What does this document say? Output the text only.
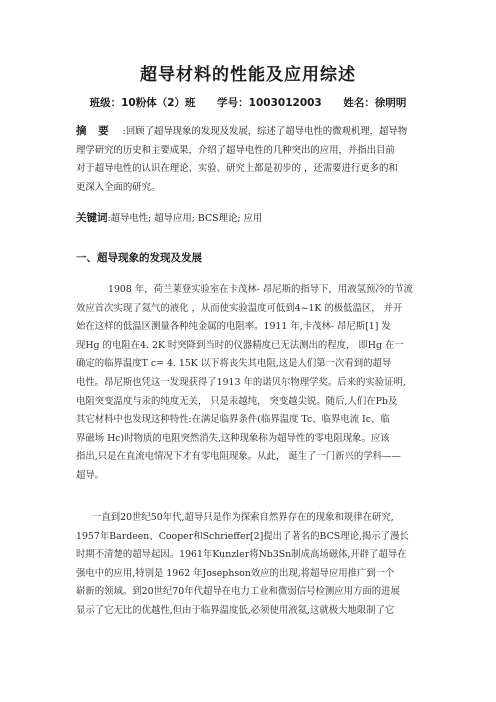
超导材料的性能及应用综述
班级：10粉体（2）班 学号：1003012003 姓名：徐明明

摘 要 :回顾了超导现象的发现及发展，综述了超导电性的微观机理，超导物

理学研究的历史和主要成果，介绍了超导电性的几种突出的应用，并指出目前

对于超导电性的认识在理论、实验、研究上都是初步的 ，还需要进行更多的和

更深入全面的研究。

关键词:超导电性; 超导应用; BCS理论; 应用
一、超导现象的发现及发展

1908 年，荷兰莱登实验室在卡茂林- 昂尼斯的指导下，用液氢预冷的节流

效应首次实现了氦气的液化 ，从而使实验温度可低到4~1K 的极低温区， 并开

始在这样的低温区测量各种纯金属的电阻率。1911 年,卡茂林- 昂尼斯[1] 发

现Hg 的电阻在4. 2K 时突降到当时的仪器精度已无法测出的程度， 即Hg 在一

确定的临界温度T c= 4. 15K 以下将丧失其电阻,这是人们第一次看到的超导

电性。昂尼斯也凭这一发现获得了1913 年的诺贝尔物理学奖。后来的实验证明,

电阻突变温度与汞的纯度无关， 只是汞越纯， 突变越尖锐。随后,人们在Pb及

其它材料中也发现这种特性:在满足临界条件(临界温度 Tc、临界电流 Ic、临

界磁场 Hc)时物质的电阻突然消失,这种现象称为超导性的零电阻现象。应该

指出,只是在直流电情况下才有零电阻现象。从此， 诞生了一门新兴的学科——

超导。

一直到20世纪50年代,超导只是作为探索自然界存在的现象和规律在研究,

1957年Bardeen、Cooper和Schrieffer[2]提出了著名的BCS理论,揭示了漫长

时期不清楚的超导起因。1961年Kunzler将Nb3Sn制成高场磁体,开辟了超导在

强电中的应用,特别是 1962 年Josephson效应的出现,将超导应用推广到一个

崭新的领域。到20世纪70年代超导在电力工业和微弱信号检测应用方面的进展

显示了它无比的优越性,但由于临界温度低,必须使用液氦,这就极大地限制了它
